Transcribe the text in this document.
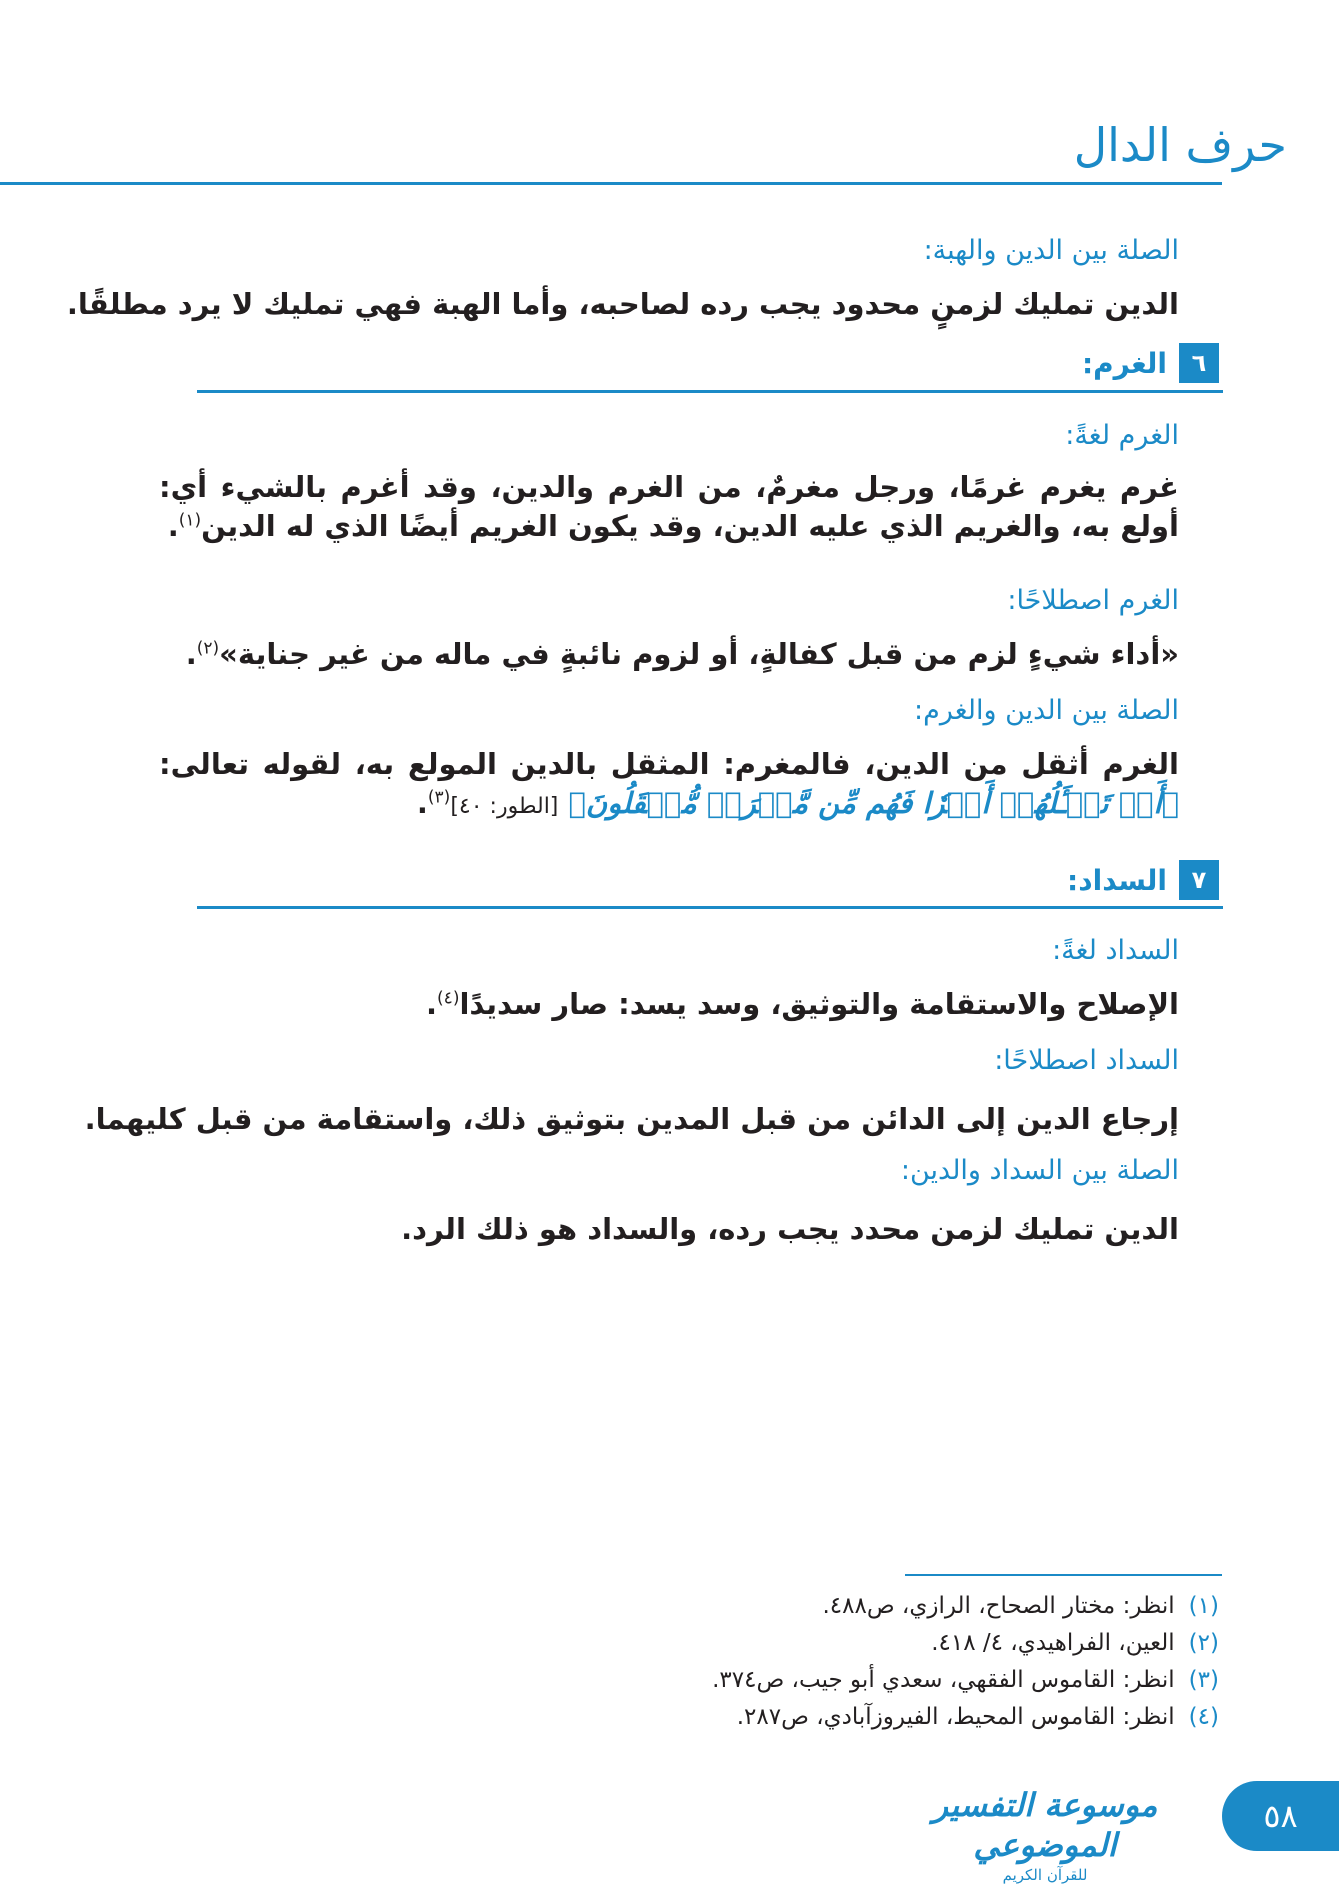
حرف الدال
الصلة بين الدين والهبة:
الدين تمليك لزمنٍ محدود يجب رده لصاحبه، وأما الهبة فهي تمليك لا يرد مطلقًا.
٦
الغرم:
الغرم لغةً:
غرم يغرم غرمًا، ورجل مغرمٌ، من الغرم والدين، وقد أغرم بالشيء أي: أولع به، والغريم الذي عليه الدين، وقد يكون الغريم أيضًا الذي له الدين$^{(١)}$.
الغرم اصطلاحًا:
«أداء شيءٍ لزم من قبل كفالةٍ، أو لزوم نائبةٍ في ماله من غير جناية»$^{(٢)}$.
الصلة بين الدين والغرم:
الغرم أثقل من الدين، فالمغرم: المثقل بالدين المولع به، لقوله تعالى: ﴿أَمۡ تَسۡـَٔلُهُمۡ أَجۡرٗا فَهُم مِّن مَّغۡرَمٖ مُّثۡقَلُونَ﴾ [الطور: ٤٠]$^{(٣)}$.
٧
السداد:
السداد لغةً:
الإصلاح والاستقامة والتوثيق، وسد يسد: صار سديدًا$^{(٤)}$.
السداد اصطلاحًا:
إرجاع الدين إلى الدائن من قبل المدين بتوثيق ذلك، واستقامة من قبل كليهما.
الصلة بين السداد والدين:
الدين تمليك لزمن محدد يجب رده، والسداد هو ذلك الرد.
(١)انظر: مختار الصحاح، الرازي، ص٤٨٨.
(٢)العين، الفراهيدي، ٤/ ٤١٨.
(٣)انظر: القاموس الفقهي، سعدي أبو جيب، ص٣٧٤.
(٤)انظر: القاموس المحيط، الفيروزآبادي، ص٢٨٧.
موسوعة التفسير الموضوعي
للقرآن الكريم
٥٨
